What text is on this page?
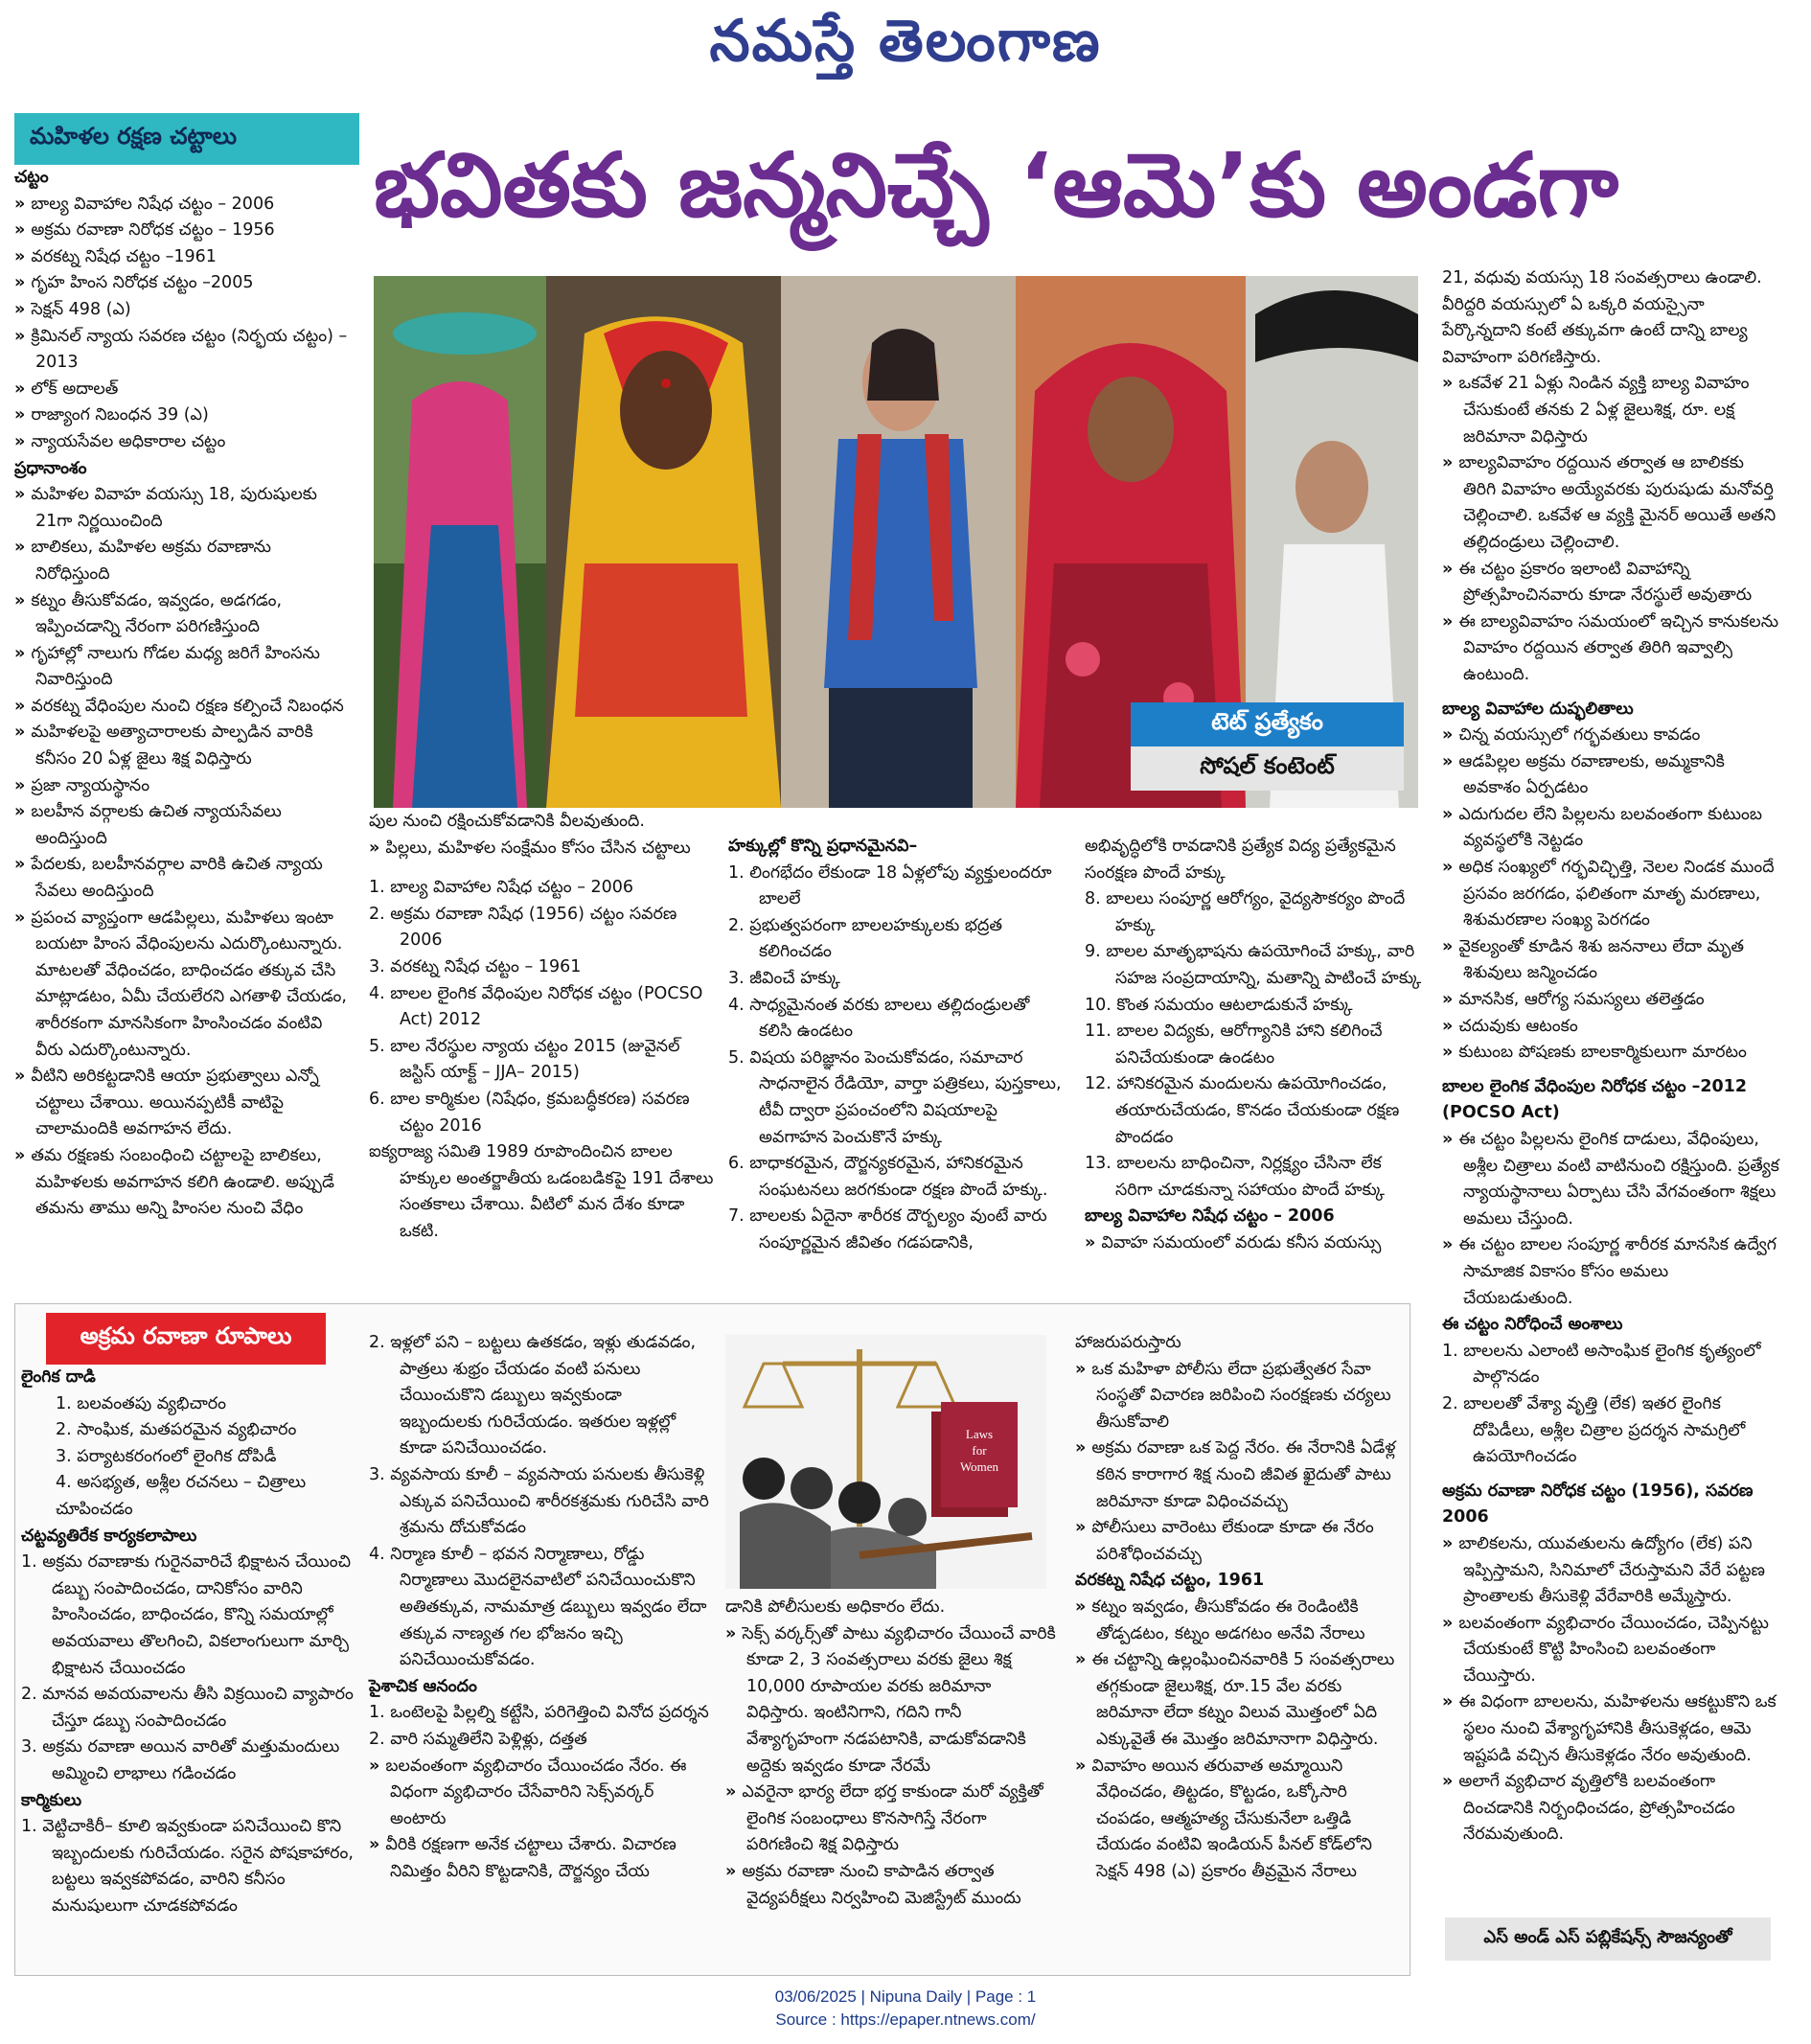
నమస్తే తెలంగాణ
భవితకు జన్మనిచ్చే ‘ఆమె’కు అండగా
మహిళల రక్షణ చట్టాలు

చట్టం

» బాల్య వివాహాల నిషేధ చట్టం – 2006

» అక్రమ రవాణా నిరోధక చట్టం – 1956

» వరకట్న నిషేధ చట్టం –1961

» గృహ హింస నిరోధక చట్టం –2005

» సెక్షన్ 498 (ఎ)

» క్రిమినల్ న్యాయ సవరణ చట్టం (నిర్భయ చట్టం) –2013

» లోక్ అదాలత్

» రాజ్యాంగ నిబంధన 39 (ఎ)

» న్యాయసేవల అధికారాల చట్టం

ప్రధానాంశం

» మహిళల వివాహ వయస్సు 18, పురుషులకు 21గా నిర్ణయించింది

» బాలికలు, మహిళల అక్రమ రవాణాను నిరోధిస్తుంది

» కట్నం తీసుకోవడం, ఇవ్వడం, అడగడం, ఇప్పించడాన్ని నేరంగా పరిగణిస్తుంది

» గృహాల్లో నాలుగు గోడల మధ్య జరిగే హింసను నివారిస్తుంది

» వరకట్న వేధింపుల నుంచి రక్షణ కల్పించే నిబంధన

» మహిళలపై అత్యాచారాలకు పాల్పడిన వారికి కనీసం 20 ఏళ్ల జైలు శిక్ష విధిస్తారు

» ప్రజా న్యాయస్థానం

» బలహీన వర్గాలకు ఉచిత న్యాయసేవలు అందిస్తుంది

» పేదలకు, బలహీనవర్గాల వారికి ఉచిత న్యాయ సేవలు అందిస్తుంది

» ప్రపంచ వ్యాప్తంగా ఆడపిల్లలు, మహిళలు ఇంటా బయటా హింస వేధింపులను ఎదుర్కొంటున్నారు. మాటలతో వేధించడం, బాధించడం తక్కువ చేసి మాట్లాడటం, ఏమీ చేయలేరని ఎగతాళి చేయడం, శారీరకంగా మానసికంగా హింసించడం వంటివి వీరు ఎదుర్కొంటున్నారు.

» వీటిని అరికట్టడానికి ఆయా ప్రభుత్వాలు ఎన్నో చట్టాలు చేశాయి. అయినప్పటికీ వాటిపై చాలామందికి అవగాహన లేదు.

» తమ రక్షణకు సంబంధించి చట్టాలపై బాలికలు, మహిళలకు అవగాహన కలిగి ఉండాలి. అప్పుడే తమను తాము అన్ని హింసల నుంచి వేధిం

టెట్ ప్రత్యేకం
సోషల్ కంటెంట్

పుల నుంచి రక్షించుకోవడానికి వీలవుతుంది.

» పిల్లలు, మహిళల సంక్షేమం కోసం చేసిన చట్టాలు

1. బాల్య వివాహాల నిషేధ చట్టం – 2006

2. అక్రమ రవాణా నిషేధ (1956) చట్టం సవరణ 2006

3. వరకట్న నిషేధ చట్టం – 1961

4. బాలల లైంగిక వేధింపుల నిరోధక చట్టం (POCSO Act) 2012

5. బాల నేరస్థుల న్యాయ చట్టం 2015 (జువైనల్ జస్టిస్ యాక్ట్ – JJA– 2015)

6. బాల కార్మికుల (నిషేధం, క్రమబద్ధీకరణ) సవరణ చట్టం 2016

ఐక్యరాజ్య సమితి 1989 రూపొందించిన బాలల హక్కుల అంతర్జాతీయ ఒడంబడికపై 191 దేశాలు సంతకాలు చేశాయి. వీటిలో మన దేశం కూడా ఒకటి.

హక్కుల్లో కొన్ని ప్రధానమైనవి–

1. లింగభేదం లేకుండా 18 ఏళ్లలోపు వ్యక్తులందరూ బాలలే

2. ప్రభుత్వపరంగా బాలలహక్కులకు భద్రత కలిగించడం

3. జీవించే హక్కు

4. సాధ్యమైనంత వరకు బాలలు తల్లిదండ్రులతో కలిసి ఉండటం

5. విషయ పరిజ్ఞానం పెంచుకోవడం, సమాచార సాధనాలైన రేడియో, వార్తా పత్రికలు, పుస్తకాలు, టీవీ ద్వారా ప్రపంచంలోని విషయాలపై అవగాహన పెంచుకొనే హక్కు

6. బాధాకరమైన, దౌర్జన్యకరమైన, హానికరమైన సంఘటనలు జరగకుండా రక్షణ పొందే హక్కు.

7. బాలలకు ఏదైనా శారీరక దౌర్బల్యం వుంటే వారు సంపూర్ణమైన జీవితం గడపడానికి,

అభివృద్ధిలోకి రావడానికి ప్రత్యేక విద్య ప్రత్యేకమైన సంరక్షణ పొందే హక్కు

8. బాలలు సంపూర్ణ ఆరోగ్యం, వైద్యసౌకర్యం పొందే హక్కు

9. బాలల మాతృభాషను ఉపయోగించే హక్కు, వారి సహజ సంప్రదాయాన్ని, మతాన్ని పాటించే హక్కు

10. కొంత సమయం ఆటలాడుకునే హక్కు

11. బాలల విద్యకు, ఆరోగ్యానికి హాని కలిగించే పనిచేయకుండా ఉండటం

12. హానికరమైన మందులను ఉపయోగించడం, తయారుచేయడం, కొనడం చేయకుండా రక్షణ పొందడం

13. బాలలను బాధించినా, నిర్లక్ష్యం చేసినా లేక సరిగా చూడకున్నా సహాయం పొందే హక్కు

బాల్య వివాహాల నిషేధ చట్టం – 2006

» వివాహ సమయంలో వరుడు కనీస వయస్సు

21, వధువు వయస్సు 18 సంవత్సరాలు ఉండాలి. వీరిద్దరి వయస్సులో ఏ ఒక్కరి వయస్సైనా పేర్కొన్నదాని కంటే తక్కువగా ఉంటే దాన్ని బాల్య వివాహంగా పరిగణిస్తారు.

» ఒకవేళ 21 ఏళ్లు నిండిన వ్యక్తి బాల్య వివాహం చేసుకుంటే తనకు 2 ఏళ్ల జైలుశిక్ష, రూ. లక్ష జరిమానా విధిస్తారు

» బాల్యవివాహం రద్దయిన తర్వాత ఆ బాలికకు తిరిగి వివాహం అయ్యేవరకు పురుషుడు మనోవర్తి చెల్లించాలి. ఒకవేళ ఆ వ్యక్తి మైనర్ అయితే అతని తల్లిదండ్రులు చెల్లించాలి.

» ఈ చట్టం ప్రకారం ఇలాంటి వివాహాన్ని ప్రోత్సహించినవారు కూడా నేరస్థులే అవుతారు

» ఈ బాల్యవివాహం సమయంలో ఇచ్చిన కానుకలను వివాహం రద్దయిన తర్వాత తిరిగి ఇవ్వాల్సి ఉంటుంది.

బాల్య వివాహాల దుష్ఫలితాలు

» చిన్న వయస్సులో గర్భవతులు కావడం

» ఆడపిల్లల అక్రమ రవాణాలకు, అమ్మకానికి అవకాశం ఏర్పడటం

» ఎదుగుదల లేని పిల్లలను బలవంతంగా కుటుంబ వ్యవస్థలోకి నెట్టడం

» అధిక సంఖ్యలో గర్భవిచ్ఛిత్తి, నెలల నిండక ముందే ప్రసవం జరగడం, ఫలితంగా మాతృ మరణాలు, శిశుమరణాల సంఖ్య పెరగడం

» వైకల్యంతో కూడిన శిశు జననాలు లేదా మృత శిశువులు జన్మించడం

» మానసిక, ఆరోగ్య సమస్యలు తలెత్తడం

» చదువుకు ఆటంకం

» కుటుంబ పోషణకు బాలకార్మికులుగా మారటం

బాలల లైంగిక వేధింపుల నిరోధక చట్టం –2012 (POCSO Act)

» ఈ చట్టం పిల్లలను లైంగిక దాడులు, వేధింపులు, అశ్లీల చిత్రాలు వంటి వాటినుంచి రక్షిస్తుంది. ప్రత్యేక న్యాయస్థానాలు ఏర్పాటు చేసి వేగవంతంగా శిక్షలు అమలు చేస్తుంది.

» ఈ చట్టం బాలల సంపూర్ణ శారీరక మానసిక ఉద్వేగ సామాజిక వికాసం కోసం అమలు చేయబడుతుంది.

ఈ చట్టం నిరోధించే అంశాలు

1. బాలలను ఎలాంటి అసాంఘిక లైంగిక కృత్యంలో పాల్గొనడం

2. బాలలతో వేశ్యా వృత్తి (లేక) ఇతర లైంగిక దోపిడీలు, అశ్లీల చిత్రాల ప్రదర్శన సామగ్రిలో ఉపయోగించడం

అక్రమ రవాణా నిరోధక చట్టం (1956), సవరణ 2006

» బాలికలను, యువతులను ఉద్యోగం (లేక) పని ఇప్పిస్తామని, సినిమాలో చేరుస్తామని వేరే పట్టణ ప్రాంతాలకు తీసుకెళ్లి వేరేవారికి అమ్మేస్తారు.

» బలవంతంగా వ్యభిచారం చేయించడం, చెప్పినట్టు చేయకుంటే కొట్టి హింసించి బలవంతంగా చేయిస్తారు.

» ఈ విధంగా బాలలను, మహిళలను ఆకట్టుకొని ఒక స్థలం నుంచి వేశ్యాగృహానికి తీసుకెళ్లడం, ఆమె ఇష్టపడి వచ్చిన తీసుకెళ్లడం నేరం అవుతుంది.

» అలాగే వ్యభిచార వృత్తిలోకి బలవంతంగా దించడానికి నిర్బంధించడం, ప్రోత్సహించడం నేరమవుతుంది.

ఎస్ అండ్ ఎస్ పబ్లికేషన్స్ సౌజన్యంతో
అక్రమ రవాణా రూపాలు

లైంగిక దాడి

1. బలవంతపు వ్యభిచారం

2. సాంఘిక, మతపరమైన వ్యభిచారం

3. పర్యాటకరంగంలో లైంగిక దోపిడీ

4. అసభ్యత, అశ్లీల రచనలు – చిత్రాలు చూపించడం

చట్టవ్యతిరేక కార్యకలాపాలు

1. అక్రమ రవాణాకు గురైనవారిచే భిక్షాటన చేయించి డబ్బు సంపాదించడం, దానికోసం వారిని హింసించడం, బాధించడం, కొన్ని సమయాల్లో అవయవాలు తొలగించి, వికలాంగులుగా మార్చి భిక్షాటన చేయించడం

2. మానవ అవయవాలను తీసి విక్రయించి వ్యాపారం చేస్తూ డబ్బు సంపాదించడం

3. అక్రమ రవాణా అయిన వారితో మత్తుమందులు అమ్మించి లాభాలు గడించడం

కార్మికులు

1. వెట్టిచాకిరీ– కూలి ఇవ్వకుండా పనిచేయించి కొని ఇబ్బందులకు గురిచేయడం. సరైన పోషకాహారం, బట్టలు ఇవ్వకపోవడం, వారిని కనీసం మనుషులుగా చూడకపోవడం

2. ఇళ్లలో పని – బట్టలు ఉతకడం, ఇళ్లు తుడవడం, పాత్రలు శుభ్రం చేయడం వంటి పనులు చేయించుకొని డబ్బులు ఇవ్వకుండా ఇబ్బందులకు గురిచేయడం. ఇతరుల ఇళ్లల్లో కూడా పనిచేయించడం.

3. వ్యవసాయ కూలీ – వ్యవసాయ పనులకు తీసుకెళ్లి ఎక్కువ పనిచేయించి శారీరకశ్రమకు గురిచేసి వారి శ్రమను దోచుకోవడం

4. నిర్మాణ కూలీ – భవన నిర్మాణాలు, రోడ్డు నిర్మాణాలు మొదలైనవాటిలో పనిచేయించుకొని అతితక్కువ, నామమాత్ర డబ్బులు ఇవ్వడం లేదా తక్కువ నాణ్యత గల భోజనం ఇచ్చి పనిచేయించుకోవడం.

పైశాచిక ఆనందం

1. ఒంటెలపై పిల్లల్ని కట్టేసి, పరిగెత్తించి వినోద ప్రదర్శన

2. వారి సమ్మతిలేని పెళ్లిళ్లు, దత్తత

» బలవంతంగా వ్యభిచారం చేయించడం నేరం. ఈ విధంగా వ్యభిచారం చేసేవారిని సెక్స్‌వర్కర్ అంటారు

» వీరికి రక్షణగా అనేక చట్టాలు చేశారు. విచారణ నిమిత్తం వీరిని కొట్టడానికి, దౌర్జన్యం చేయ

Laws
for
Women

డానికి పోలీసులకు అధికారం లేదు.

» సెక్స్ వర్కర్స్‌తో పాటు వ్యభిచారం చేయించే వారికి కూడా 2, 3 సంవత్సరాలు వరకు జైలు శిక్ష 10,000 రూపాయల వరకు జరిమానా విధిస్తారు. ఇంటినిగాని, గదిని గానీ వేశ్యాగృహంగా నడపటానికి, వాడుకోవడానికి అద్దెకు ఇవ్వడం కూడా నేరమే

» ఎవరైనా భార్య లేదా భర్త కాకుండా మరో వ్యక్తితో లైంగిక సంబంధాలు కొనసాగిస్తే నేరంగా పరిగణించి శిక్ష విధిస్తారు

» అక్రమ రవాణా నుంచి కాపాడిన తర్వాత వైద్యపరీక్షలు నిర్వహించి మెజిస్ట్రేట్ ముందు

హాజరుపరుస్తారు

» ఒక మహిళా పోలీసు లేదా ప్రభుత్వేతర సేవా సంస్థతో విచారణ జరిపించి సంరక్షణకు చర్యలు తీసుకోవాలి

» అక్రమ రవాణా ఒక పెద్ద నేరం. ఈ నేరానికి ఏడేళ్ల కఠిన కారాగార శిక్ష నుంచి జీవిత ఖైదుతో పాటు జరిమానా కూడా విధించవచ్చు

» పోలీసులు వారెంటు లేకుండా కూడా ఈ నేరం పరిశోధించవచ్చు

వరకట్న నిషేధ చట్టం, 1961

» కట్నం ఇవ్వడం, తీసుకోవడం ఈ రెండింటికి తోడ్పడటం, కట్నం అడగటం అనేవి నేరాలు

» ఈ చట్టాన్ని ఉల్లంఘించినవారికి 5 సంవత్సరాలు తగ్గకుండా జైలుశిక్ష, రూ.15 వేల వరకు జరిమానా లేదా కట్నం విలువ మొత్తంలో ఏది ఎక్కువైతే ఈ మొత్తం జరిమానాగా విధిస్తారు.

» వివాహం అయిన తరువాత అమ్మాయిని వేధించడం, తిట్టడం, కొట్టడం, ఒక్కోసారి చంపడం, ఆత్మహత్య చేసుకునేలా ఒత్తిడి చేయడం వంటివి ఇండియన్ పీనల్ కోడ్‌లోని సెక్షన్ 498 (ఎ) ప్రకారం తీవ్రమైన నేరాలు

03/06/2025 | Nipuna Daily | Page : 1
Source : https://epaper.ntnews.com/
